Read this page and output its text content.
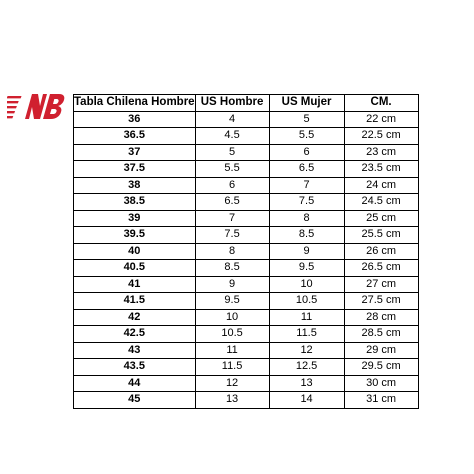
Tabla Chilena Hombre	US Hombre	US Mujer	CM.
36	4	5	22 cm
36.5	4.5	5.5	22.5 cm
37	5	6	23 cm
37.5	5.5	6.5	23.5 cm
38	6	7	24 cm
38.5	6.5	7.5	24.5 cm
39	7	8	25 cm
39.5	7.5	8.5	25.5 cm
40	8	9	26 cm
40.5	8.5	9.5	26.5 cm
41	9	10	27 cm
41.5	9.5	10.5	27.5 cm
42	10	11	28 cm
42.5	10.5	11.5	28.5 cm
43	11	12	29 cm
43.5	11.5	12.5	29.5 cm
44	12	13	30 cm
45	13	14	31 cm
